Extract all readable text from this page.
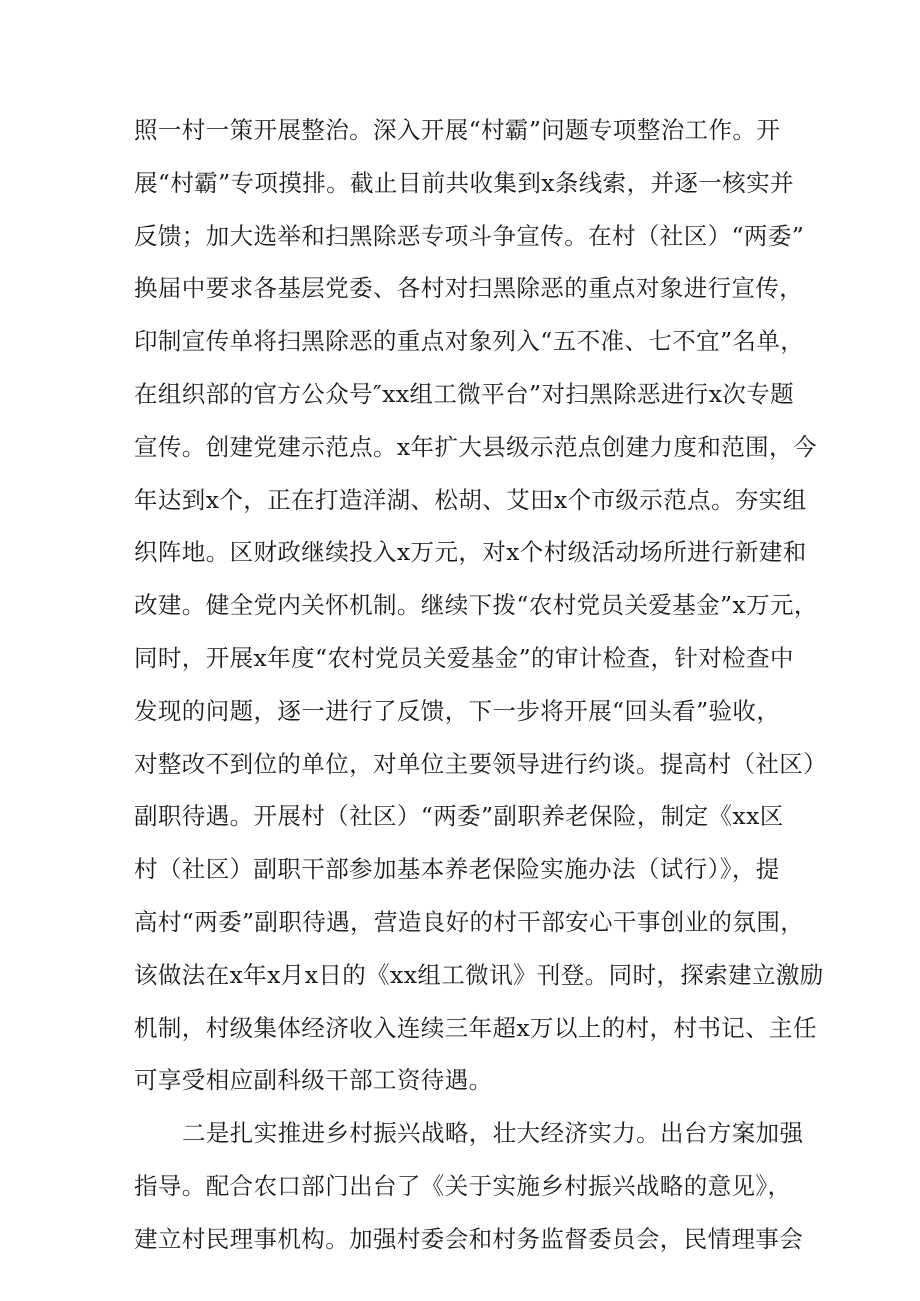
照一村一策开展整治。深入开展“村霸”问题专项整治工作。开
展“村霸”专项摸排。截止目前共收集到x条线索，并逐一核实并
反馈；加大选举和扫黑除恶专项斗争宣传。在村（社区）“两委”
换届中要求各基层党委、各村对扫黑除恶的重点对象进行宣传，
印制宣传单将扫黑除恶的重点对象列入“五不准、七不宜”名单，
在组织部的官方公众号″xx组工微平台”对扫黑除恶进行x次专题
宣传。创建党建示范点。x年扩大县级示范点创建力度和范围，今
年达到x个，正在打造洋湖、松胡、艾田x个市级示范点。夯实组
织阵地。区财政继续投入x万元，对x个村级活动场所进行新建和
改建。健全党内关怀机制。继续下拨“农村党员关爱基金”x万元，
同时，开展x年度“农村党员关爱基金”的审计检查，针对检查中
发现的问题，逐一进行了反馈，下一步将开展“回头看”验收，
对整改不到位的单位，对单位主要领导进行约谈。提高村（社区）
副职待遇。开展村（社区）“两委”副职养老保险，制定《xx区
村（社区）副职干部参加基本养老保险实施办法（试行）》，提
高村“两委”副职待遇，营造良好的村干部安心干事创业的氛围，
该做法在x年x月x日的《xx组工微讯》刊登。同时，探索建立激励
机制，村级集体经济收入连续三年超x万以上的村，村书记、主任
可享受相应副科级干部工资待遇。
二是扎实推进乡村振兴战略，壮大经济实力。出台方案加强
指导。配合农口部门出台了《关于实施乡村振兴战略的意见》，
建立村民理事机构。加强村委会和村务监督委员会，民情理事会
